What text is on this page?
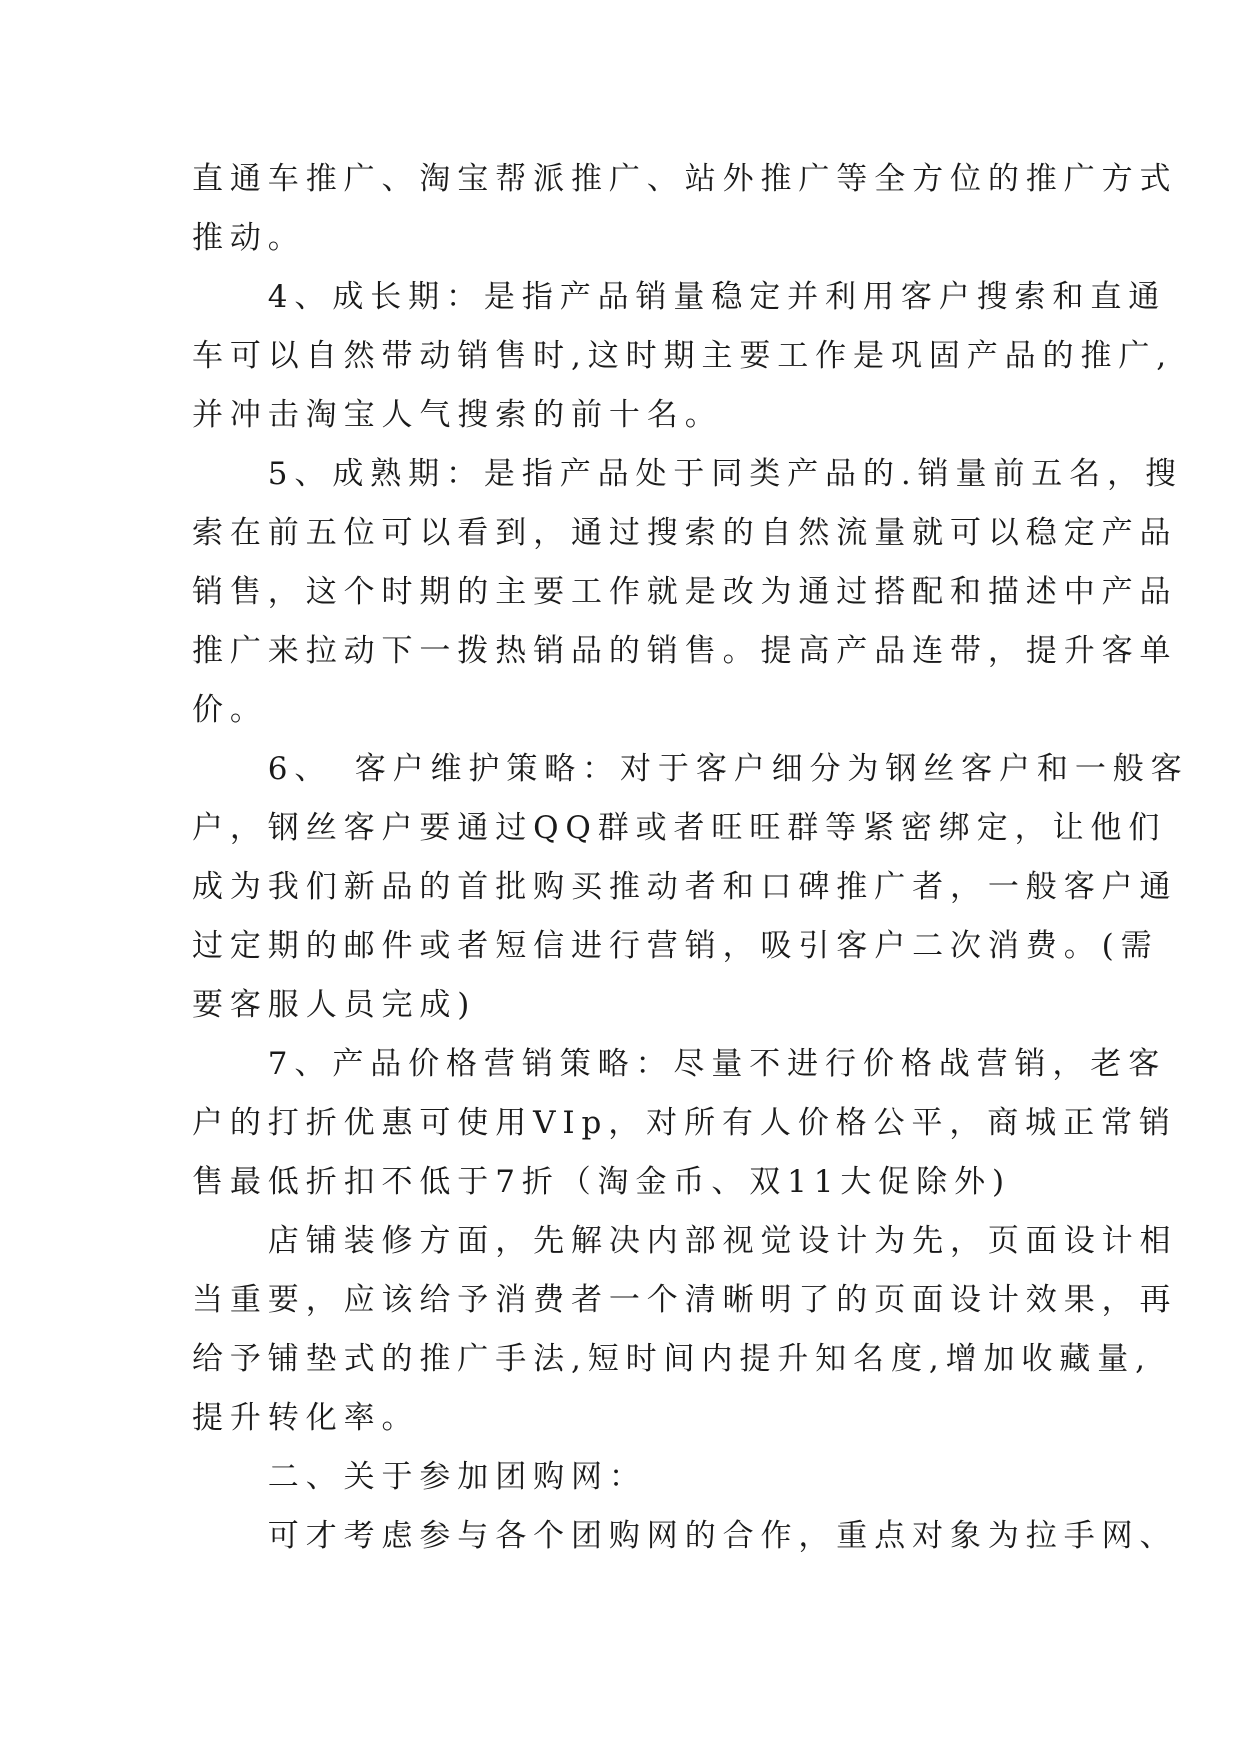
直通车推广、淘宝帮派推广、站外推广等全方位的推广方式
推动。
　　4、成长期：是指产品销量稳定并利用客户搜索和直通
车可以自然带动销售时,这时期主要工作是巩固产品的推广,
并冲击淘宝人气搜索的前十名。
　　5、成熟期：是指产品处于同类产品的.销量前五名，搜
索在前五位可以看到，通过搜索的自然流量就可以稳定产品
销售，这个时期的主要工作就是改为通过搭配和描述中产品
推广来拉动下一拨热销品的销售。提高产品连带，提升客单
价。
　　6、　客户维护策略：对于客户细分为钢丝客户和一般客
户，钢丝客户要通过QQ群或者旺旺群等紧密绑定，让他们
成为我们新品的首批购买推动者和口碑推广者，一般客户通
过定期的邮件或者短信进行营销，吸引客户二次消费。(需
要客服人员完成)
　　7、产品价格营销策略：尽量不进行价格战营销，老客
户的打折优惠可使用VIp，对所有人价格公平，商城正常销
售最低折扣不低于7折（淘金币、双11大促除外)
　　店铺装修方面，先解决内部视觉设计为先，页面设计相
当重要，应该给予消费者一个清晰明了的页面设计效果，再
给予铺垫式的推广手法,短时间内提升知名度,增加收藏量,
提升转化率。
　　二、关于参加团购网：
　　可才考虑参与各个团购网的合作，重点对象为拉手网、
